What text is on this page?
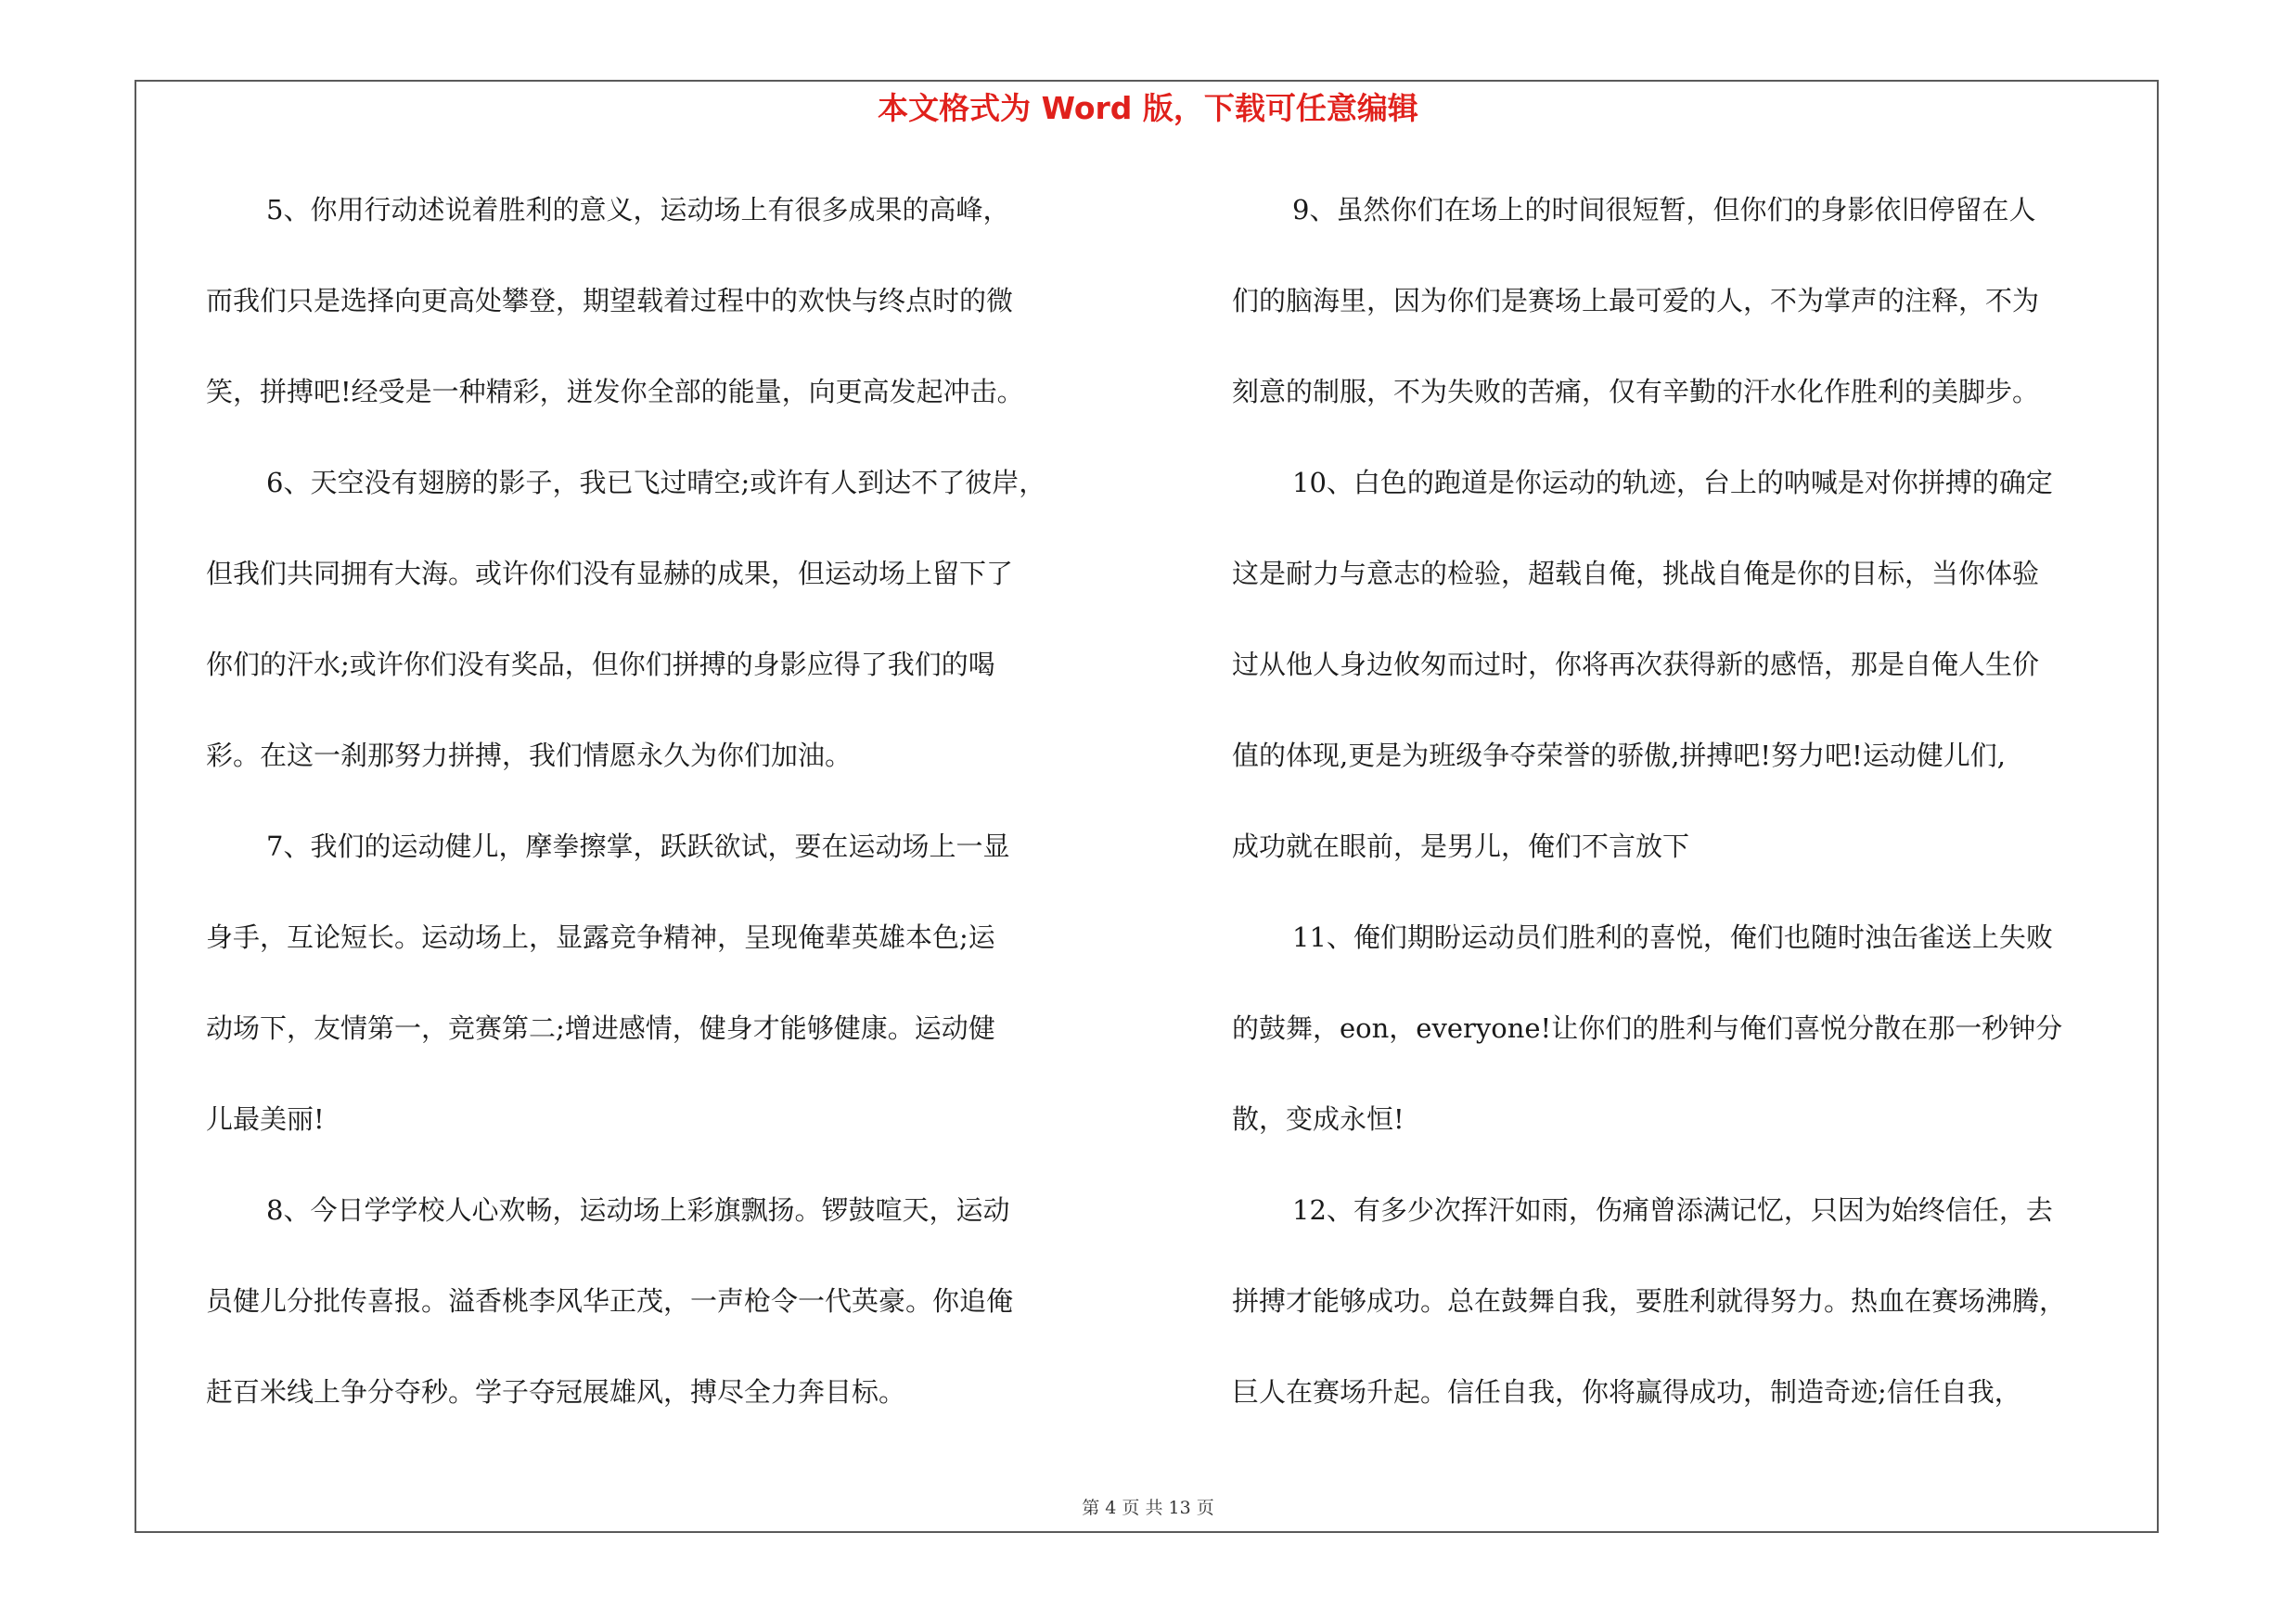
本文格式为 Word 版，下载可任意编辑
5、你用行动述说着胜利的意义，运动场上有很多成果的高峰，
而我们只是选择向更高处攀登，期望载着过程中的欢快与终点时的微
笑，拼搏吧!经受是一种精彩，迸发你全部的能量，向更高发起冲击。
6、天空没有翅膀的影子，我已飞过晴空;或许有人到达不了彼岸，
但我们共同拥有大海。或许你们没有显赫的成果，但运动场上留下了
你们的汗水;或许你们没有奖品，但你们拼搏的身影应得了我们的喝
彩。在这一刹那努力拼搏，我们情愿永久为你们加油。
7、我们的运动健儿，摩拳擦掌，跃跃欲试，要在运动场上一显
身手，互论短长。运动场上，显露竞争精神，呈现俺辈英雄本色;运
动场下，友情第一，竞赛第二;增进感情，健身才能够健康。运动健
儿最美丽!
8、今日学学校人心欢畅，运动场上彩旗飘扬。锣鼓喧天，运动
员健儿分批传喜报。溢香桃李风华正茂，一声枪令一代英豪。你追俺
赶百米线上争分夺秒。学子夺冠展雄风，搏尽全力奔目标。
9、虽然你们在场上的时间很短暂，但你们的身影依旧停留在人
们的脑海里，因为你们是赛场上最可爱的人，不为掌声的注释，不为
刻意的制服，不为失败的苦痛，仅有辛勤的汗水化作胜利的美脚步。
10、白色的跑道是你运动的轨迹，台上的呐喊是对你拼搏的确定
这是耐力与意志的检验，超载自俺，挑战自俺是你的目标，当你体验
过从他人身边攸匆而过时，你将再次获得新的感悟，那是自俺人生价
值的体现,更是为班级争夺荣誉的骄傲,拼搏吧!努力吧!运动健儿们,
成功就在眼前，是男儿，俺们不言放下
11、俺们期盼运动员们胜利的喜悦，俺们也随时浊缶雀送上失败
的鼓舞，eon，everyone!让你们的胜利与俺们喜悦分散在那一秒钟分
散，变成永恒!
12、有多少次挥汗如雨，伤痛曾添满记忆，只因为始终信任，去
拼搏才能够成功。总在鼓舞自我，要胜利就得努力。热血在赛场沸腾，
巨人在赛场升起。信任自我，你将赢得成功，制造奇迹;信任自我，
第 4 页 共 13 页
